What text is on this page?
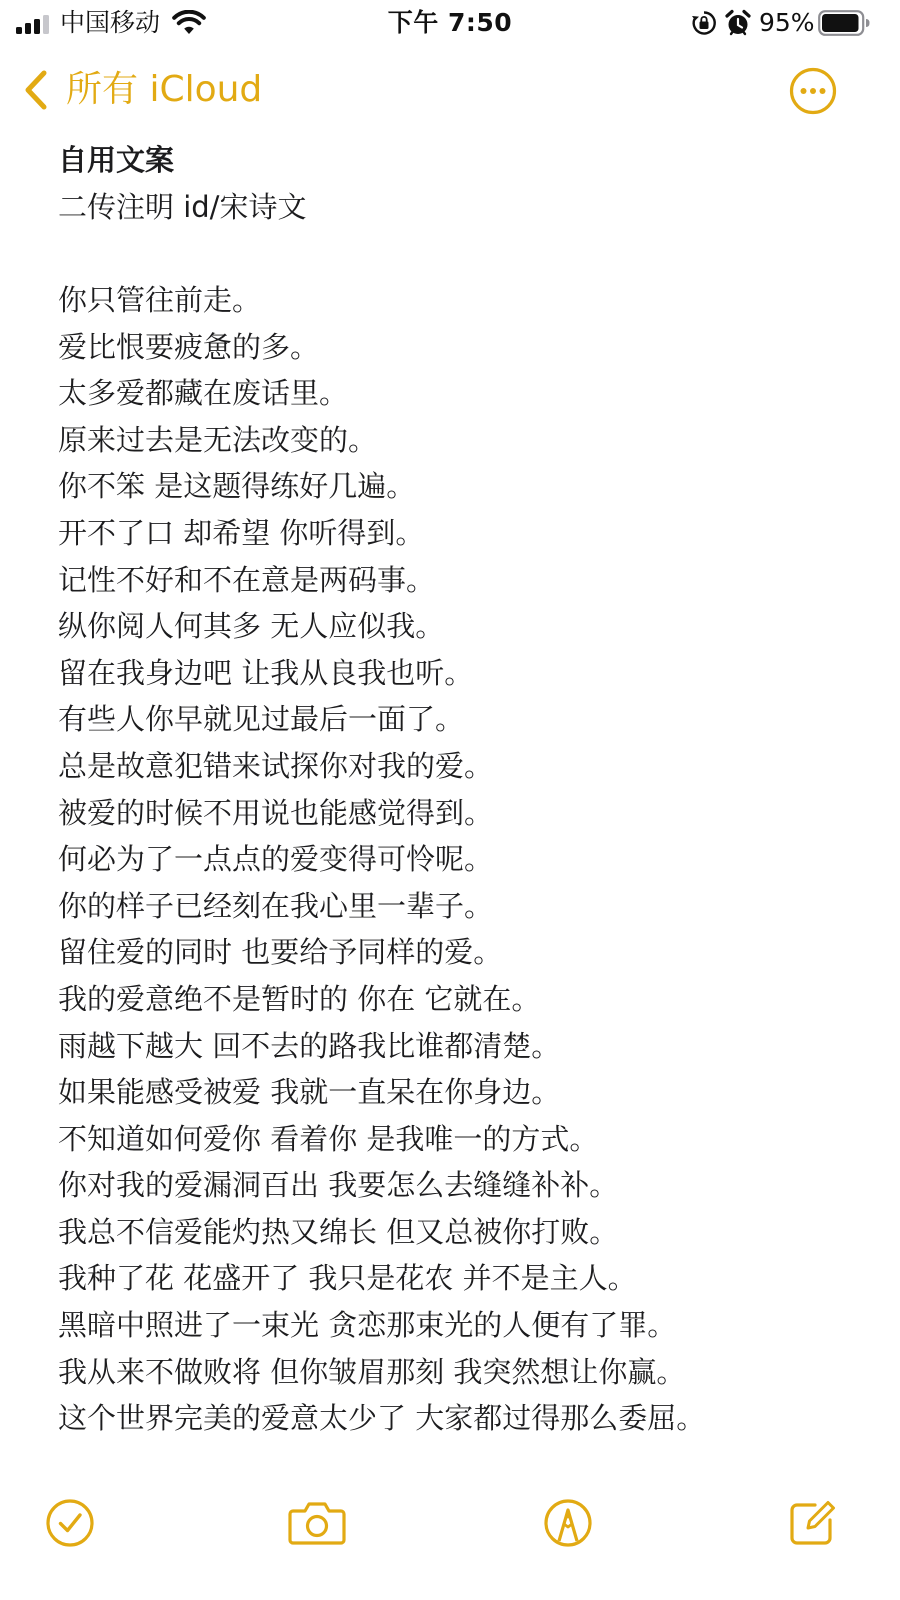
中国移动	下午 7:50	95%
所有 iCloud
自用文案
二传注明 id/宋诗文
你只管往前走。
爱比恨要疲惫的多。
太多爱都藏在废话里。
原来过去是无法改变的。
你不笨 是这题得练好几遍。
开不了口 却希望 你听得到。
记性不好和不在意是两码事。
纵你阅人何其多 无人应似我。
留在我身边吧 让我从良我也听。
有些人你早就见过最后一面了。
总是故意犯错来试探你对我的爱。
被爱的时候不用说也能感觉得到。
何必为了一点点的爱变得可怜呢。
你的样子已经刻在我心里一辈子。
留住爱的同时 也要给予同样的爱。
我的爱意绝不是暂时的 你在 它就在。
雨越下越大 回不去的路我比谁都清楚。
如果能感受被爱 我就一直呆在你身边。
不知道如何爱你 看着你 是我唯一的方式。
你对我的爱漏洞百出 我要怎么去缝缝补补。
我总不信爱能灼热又绵长 但又总被你打败。
我种了花 花盛开了 我只是花农 并不是主人。
黑暗中照进了一束光 贪恋那束光的人便有了罪。
我从来不做败将 但你皱眉那刻 我突然想让你赢。
这个世界完美的爱意太少了 大家都过得那么委屈。
